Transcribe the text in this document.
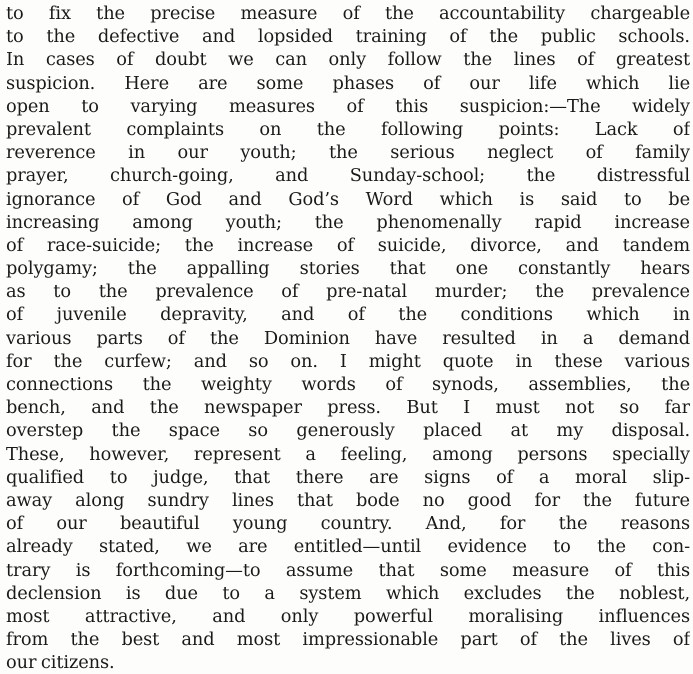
to fix the precise measure of the accountability chargeable
to the defective and lopsided training of the public schools.
In cases of doubt we can only follow the lines of greatest
suspicion. Here are some phases of our life which lie
open to varying measures of this suspicion:—The widely
prevalent complaints on the following points: Lack of
reverence in our youth; the serious neglect of family
prayer, church-going, and Sunday-school; the distressful
ignorance of God and God’s Word which is said to be
increasing among youth; the phenomenally rapid increase
of race-suicide; the increase of suicide, divorce, and tandem
polygamy; the appalling stories that one constantly hears
as to the prevalence of pre-natal murder; the prevalence
of juvenile depravity, and of the conditions which in
various parts of the Dominion have resulted in a demand
for the curfew; and so on. I might quote in these various
connections the weighty words of synods, assemblies, the
bench, and the newspaper press. But I must not so far
overstep the space so generously placed at my disposal.
These, however, represent a feeling, among persons specially
qualified to judge, that there are signs of a moral slip-
away along sundry lines that bode no good for the future
of our beautiful young country. And, for the reasons
already stated, we are entitled—until evidence to the con-
trary is forthcoming—to assume that some measure of this
declension is due to a system which excludes the noblest,
most attractive, and only powerful moralising influences
from the best and most impressionable part of the lives of
our citizens.
